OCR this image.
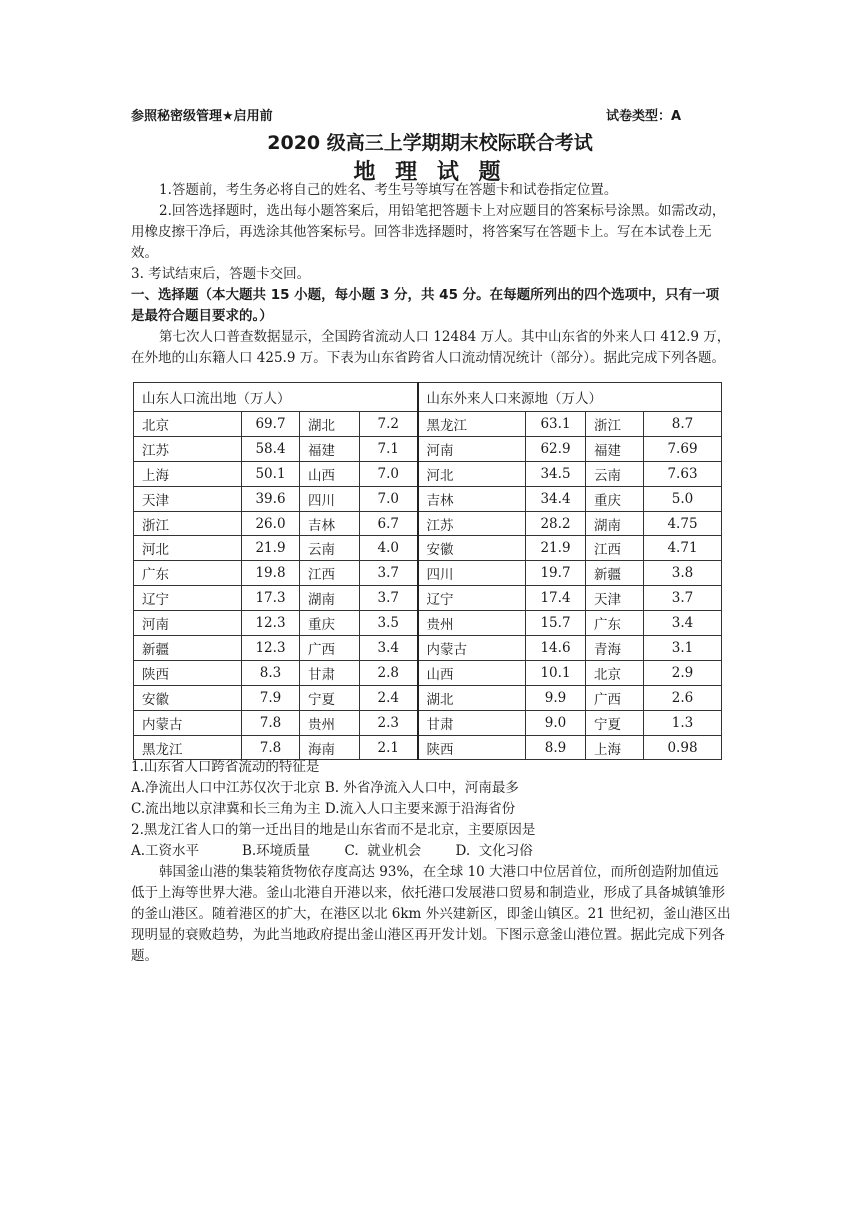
参照秘密级管理★启用前	试卷类型：A
2020 级高三上学期期末校际联合考试
地 理 试 题

1.答题前，考生务必将自己的姓名、考生号等填写在答题卡和试卷指定位置。

2.回答选择题时，选出每小题答案后，用铅笔把答题卡上对应题目的答案标号涂黑。如需改动，用橡皮擦干净后，再选涂其他答案标号。回答非选择题时，将答案写在答题卡上。写在本试卷上无效。

3. 考试结束后，答题卡交回。

一、选择题（本大题共 15 小题，每小题 3 分，共 45 分。在每题所列出的四个选项中，只有一项是最符合题目要求的。）

第七次人口普查数据显示，全国跨省流动人口 12484 万人。其中山东省的外来人口 412.9 万，在外地的山东籍人口 425.9 万。下表为山东省跨省人口流动情况统计（部分）。据此完成下列各题。

山东人口流出地（万人）				山东外来人口来源地（万人）			
北京	69.7	湖北	7.2	黑龙江	63.1	浙江	8.7
江苏	58.4	福建	7.1	河南	62.9	福建	7.69
上海	50.1	山西	7.0	河北	34.5	云南	7.63
天津	39.6	四川	7.0	吉林	34.4	重庆	5.0
浙江	26.0	吉林	6.7	江苏	28.2	湖南	4.75
河北	21.9	云南	4.0	安徽	21.9	江西	4.71
广东	19.8	江西	3.7	四川	19.7	新疆	3.8
辽宁	17.3	湖南	3.7	辽宁	17.4	天津	3.7
河南	12.3	重庆	3.5	贵州	15.7	广东	3.4
新疆	12.3	广西	3.4	内蒙古	14.6	青海	3.1
陕西	8.3	甘肃	2.8	山西	10.1	北京	2.9
安徽	7.9	宁夏	2.4	湖北	9.9	广西	2.6
内蒙古	7.8	贵州	2.3	甘肃	9.0	宁夏	1.3
黑龙江	7.8	海南	2.1	陕西	8.9	上海	0.98

1.山东省人口跨省流动的特征是

A.净流出人口中江苏仅次于北京 B. 外省净流入人口中，河南最多

C.流出地以京津冀和长三角为主 D.流入人口主要来源于沿海省份

2.黑龙江省人口的第一迁出目的地是山东省而不是北京，主要原因是

A.工资水平          B.环境质量        C.  就业机会        D.  文化习俗

韩国釜山港的集装箱货物依存度高达 93%，在全球 10 大港口中位居首位，而所创造附加值远低于上海等世界大港。釜山北港自开港以来，依托港口发展港口贸易和制造业，形成了具备城镇雏形的釜山港区。随着港区的扩大，在港区以北 6km 外兴建新区，即釜山镇区。21 世纪初，釜山港区出现明显的衰败趋势，为此当地政府提出釜山港区再开发计划。下图示意釜山港位置。据此完成下列各题。
